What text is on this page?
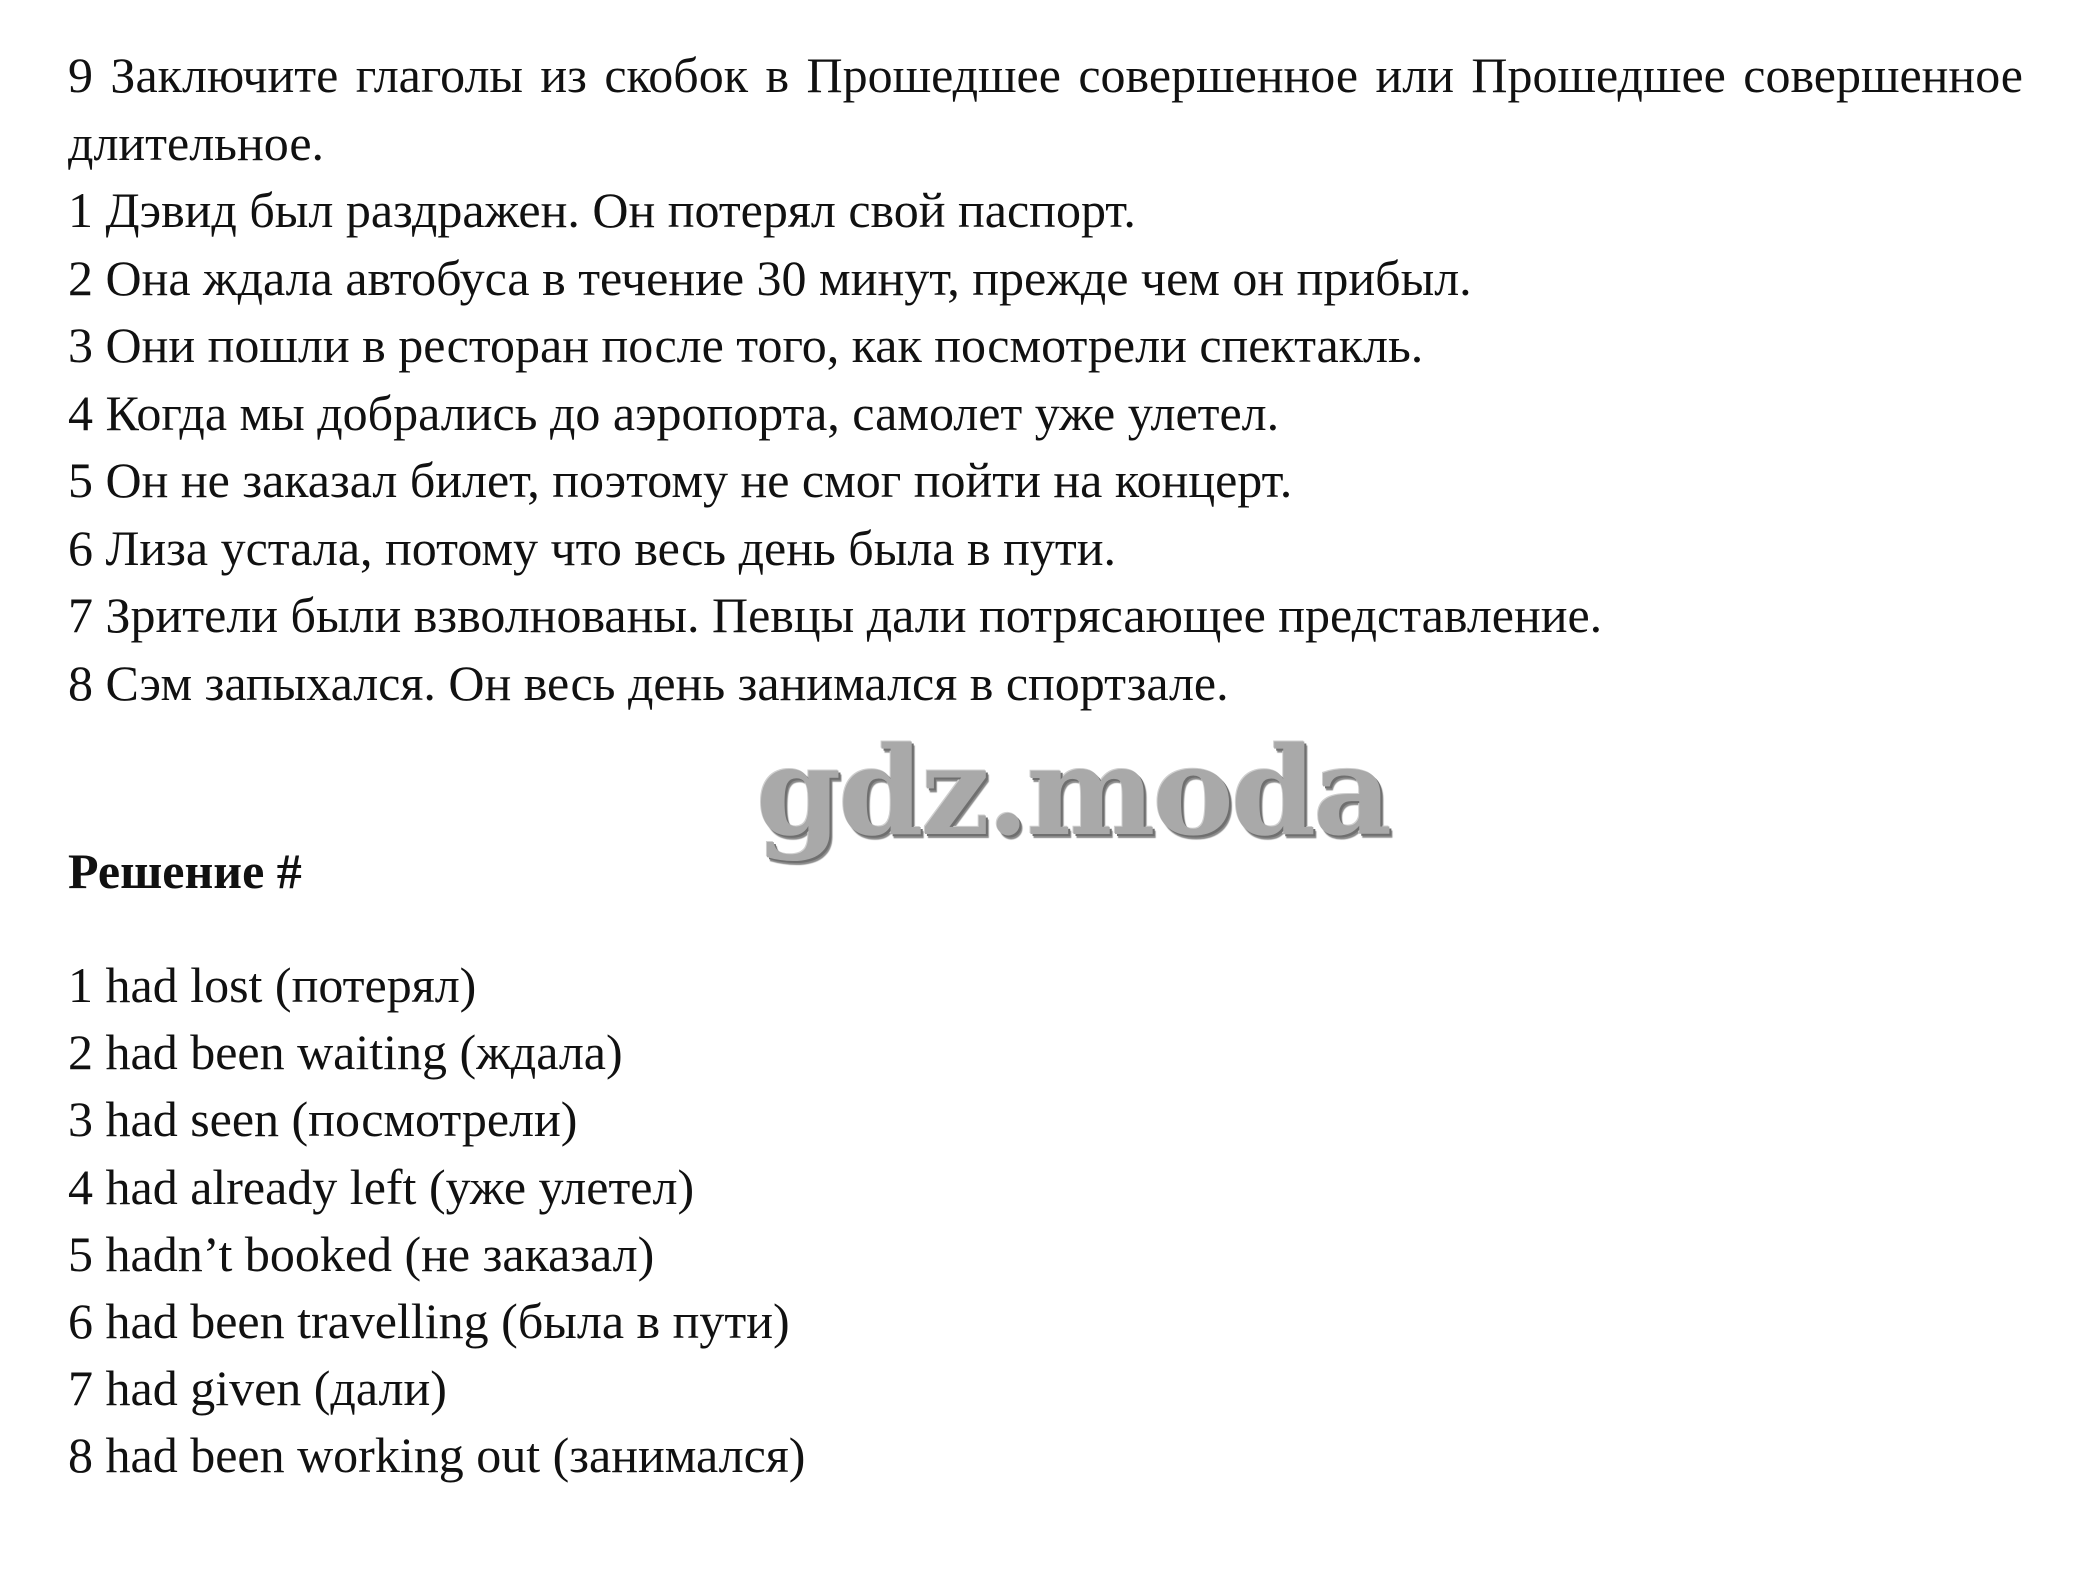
9 Заключите глаголы из скобок в Прошедшее совершенное или Прошедшее совершенное длительное.
1 Дэвид был раздражен. Он потерял свой паспорт.
2 Она ждала автобуса в течение 30 минут, прежде чем он прибыл.
3 Они пошли в ресторан после того, как посмотрели спектакль.
4 Когда мы добрались до аэропорта, самолет уже улетел.
5 Он не заказал билет, поэтому не смог пойти на концерт.
6 Лиза устала, потому что весь день была в пути.
7 Зрители были взволнованы. Певцы дали потрясающее представление.
8 Сэм запыхался. Он весь день занимался в спортзале.
gdz.moda
Решение #
1 had lost (потерял)
2 had been waiting (ждала)
3 had seen (посмотрели)
4 had already left (уже улетел)
5 hadn’t booked (не заказал)
6 had been travelling (была в пути)
7 had given (дали)
8 had been working out (занимался)
